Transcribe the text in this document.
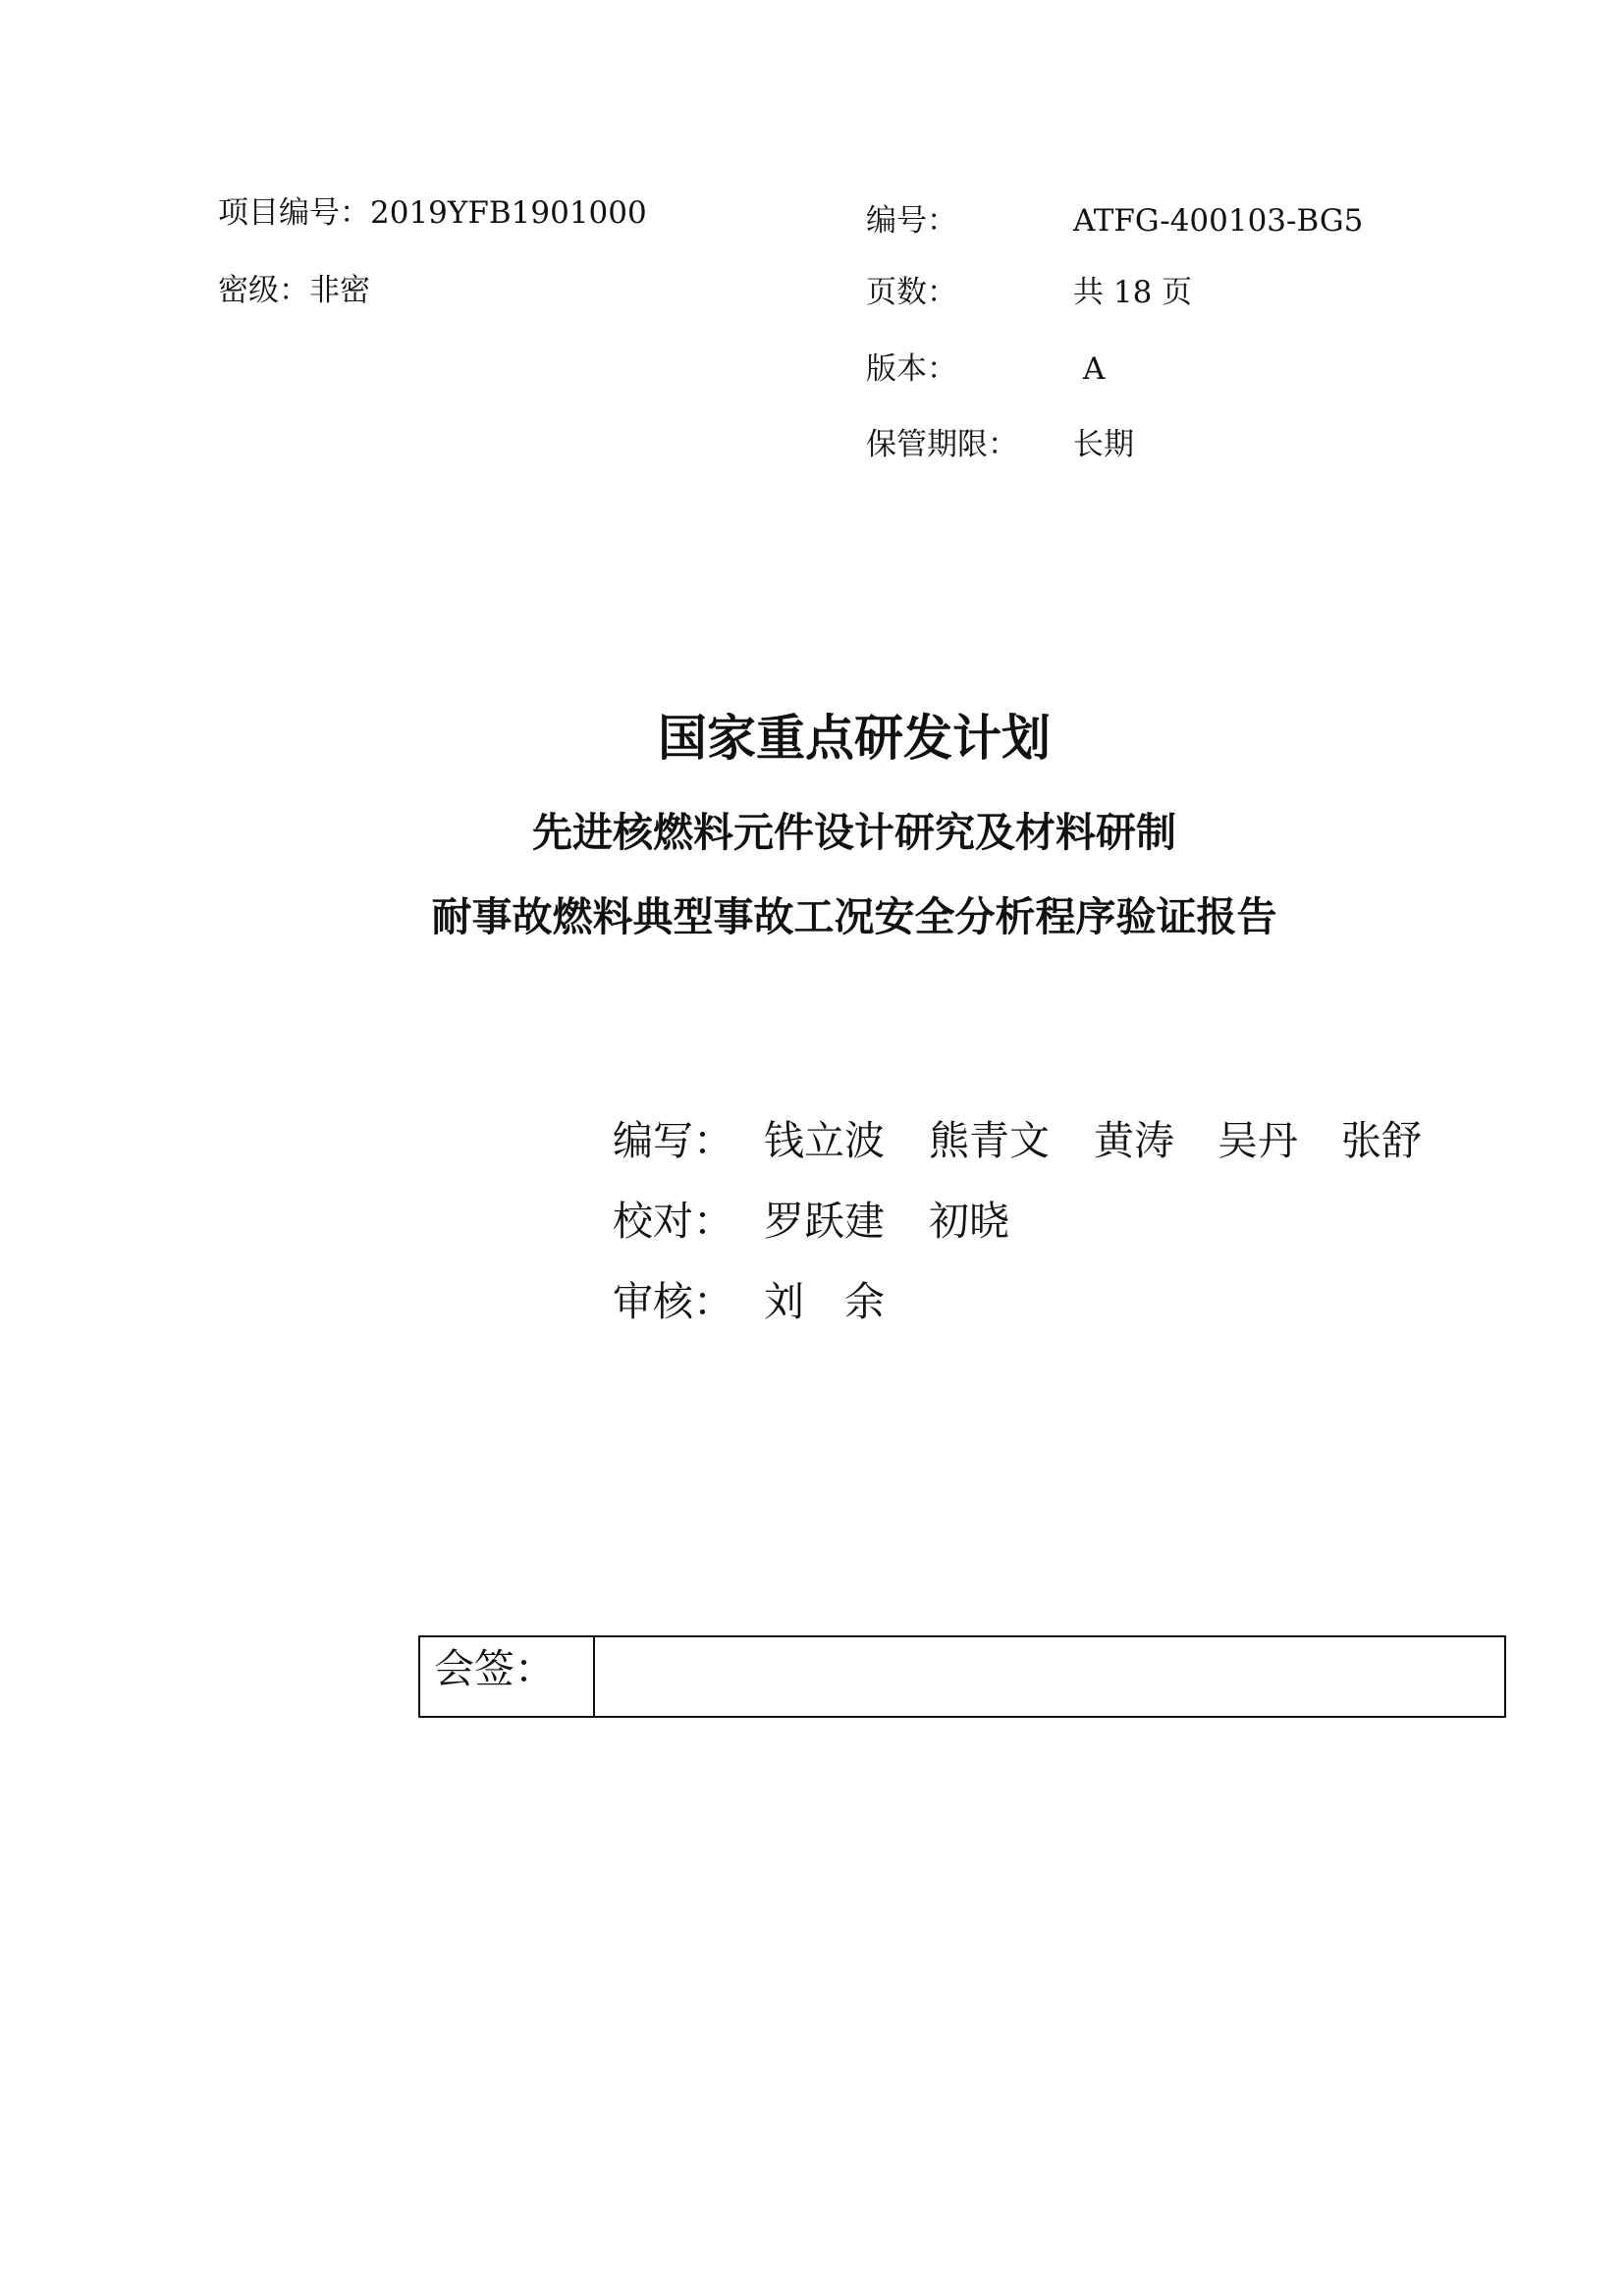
项目编号：2019YFB1901000
密级：非密
编号：	ATFG-400103-BG5
页数：	共 18 页
版本：	A
保管期限： 长期
国家重点研发计划
先进核燃料元件设计研究及材料研制
耐事故燃料典型事故工况安全分析程序验证报告
编写： 钱立波 熊青文 黄涛 吴丹 张舒
校对： 罗跃建 初晓
审核： 刘　余
会签：
